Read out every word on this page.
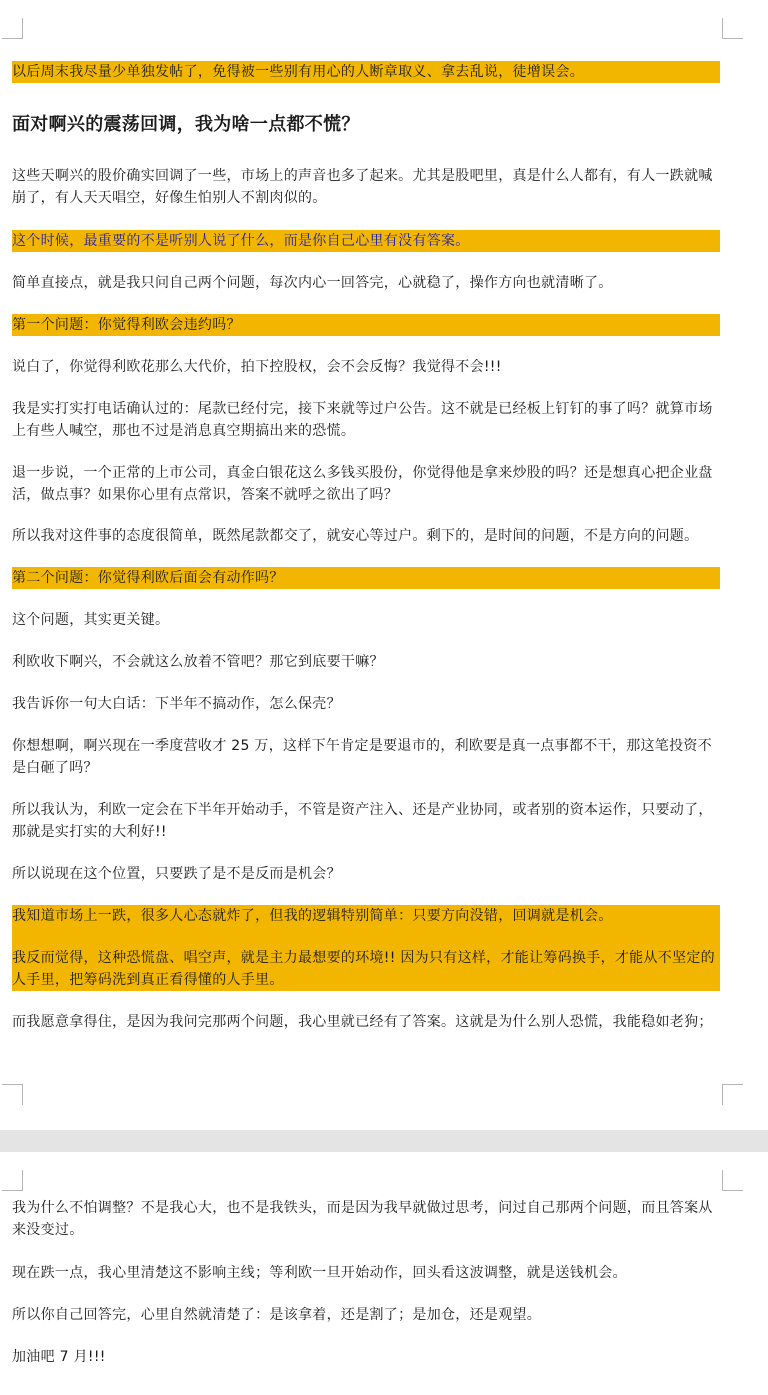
以后周末我尽量少单独发帖了，免得被一些别有用心的人断章取义、拿去乱说，徒增误会。

面对啊兴的震荡回调，我为啥一点都不慌？

这些天啊兴的股价确实回调了一些，市场上的声音也多了起来。尤其是股吧里，真是什么人都有，有人一跌就喊崩了，有人天天唱空，好像生怕别人不割肉似的。

这个时候，最重要的不是听别人说了什么，而是你自己心里有没有答案。

简单直接点，就是我只问自己两个问题，每次内心一回答完，心就稳了，操作方向也就清晰了。

第一个问题：你觉得利欧会违约吗？

说白了，你觉得利欧花那么大代价，拍下控股权，会不会反悔？我觉得不会!!!

我是实打实打电话确认过的：尾款已经付完，接下来就等过户公告。这不就是已经板上钉钉的事了吗？就算市场上有些人喊空，那也不过是消息真空期搞出来的恐慌。

退一步说，一个正常的上市公司，真金白银花这么多钱买股份，你觉得他是拿来炒股的吗？还是想真心把企业盘活，做点事？如果你心里有点常识，答案不就呼之欲出了吗？

所以我对这件事的态度很简单，既然尾款都交了，就安心等过户。剩下的，是时间的问题，不是方向的问题。

第二个问题：你觉得利欧后面会有动作吗？

这个问题，其实更关键。

利欧收下啊兴，不会就这么放着不管吧？那它到底要干嘛？

我告诉你一句大白话：下半年不搞动作，怎么保壳？

你想想啊，啊兴现在一季度营收才 25 万，这样下午肯定是要退市的，利欧要是真一点事都不干，那这笔投资不是白砸了吗？

所以我认为，利欧一定会在下半年开始动手，不管是资产注入、还是产业协同，或者别的资本运作，只要动了，那就是实打实的大利好!!

所以说现在这个位置，只要跌了是不是反而是机会？

我知道市场上一跌，很多人心态就炸了，但我的逻辑特别简单：只要方向没错，回调就是机会。

我反而觉得，这种恐慌盘、唱空声，就是主力最想要的环境!! 因为只有这样，才能让筹码换手，才能从不坚定的人手里，把筹码洗到真正看得懂的人手里。

而我愿意拿得住，是因为我问完那两个问题，我心里就已经有了答案。这就是为什么别人恐慌，我能稳如老狗；

我为什么不怕调整？不是我心大，也不是我铁头，而是因为我早就做过思考，问过自己那两个问题，而且答案从来没变过。

现在跌一点，我心里清楚这不影响主线；等利欧一旦开始动作，回头看这波调整，就是送钱机会。

所以你自己回答完，心里自然就清楚了：是该拿着，还是割了；是加仓，还是观望。

加油吧 7 月!!!
